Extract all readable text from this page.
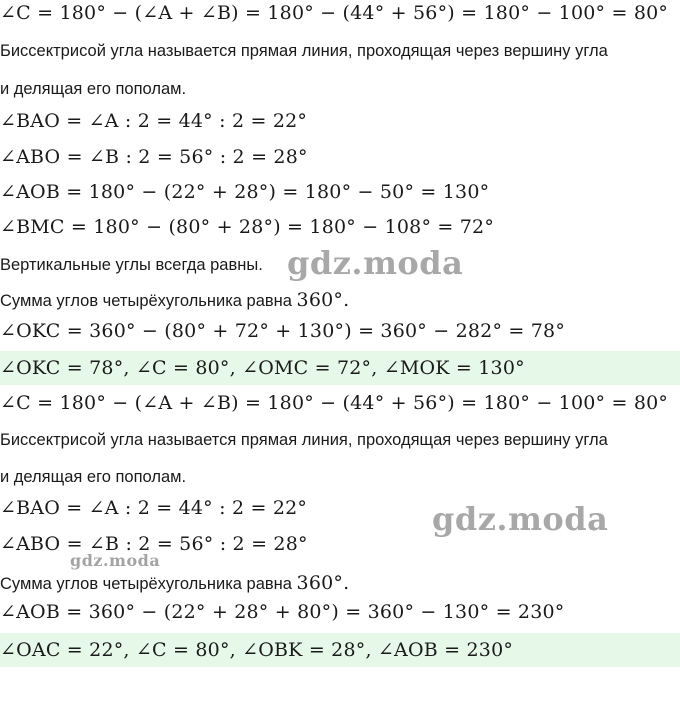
∠C = 180° − (∠A + ∠B) = 180° − (44° + 56°) = 180° − 100° = 80°
Биссектрисой угла называется прямая линия, проходящая через вершину угла
и делящая его пополам.
∠BAO = ∠A : 2 = 44° : 2 = 22°
∠ABO = ∠B : 2 = 56° : 2 = 28°
∠AOB = 180° − (22° + 28°) = 180° − 50° = 130°
∠BMC = 180° − (80° + 28°) = 180° − 108° = 72°
Вертикальные углы всегда равны.
Сумма углов четырёхугольника равна 360°.
∠OKC = 360° − (80° + 72° + 130°) = 360° − 282° = 78°
∠OKC = 78°, ∠C = 80°, ∠OMC = 72°, ∠MOK = 130°
∠C = 180° − (∠A + ∠B) = 180° − (44° + 56°) = 180° − 100° = 80°
Биссектрисой угла называется прямая линия, проходящая через вершину угла
и делящая его пополам.
∠BAO = ∠A : 2 = 44° : 2 = 22°
∠ABO = ∠B : 2 = 56° : 2 = 28°
Сумма углов четырёхугольника равна 360°.
∠AOB = 360° − (22° + 28° + 80°) = 360° − 130° = 230°
∠OAC = 22°, ∠C = 80°, ∠OBK = 28°, ∠AOB = 230°
gdz.moda
gdz.moda
gdz.moda
